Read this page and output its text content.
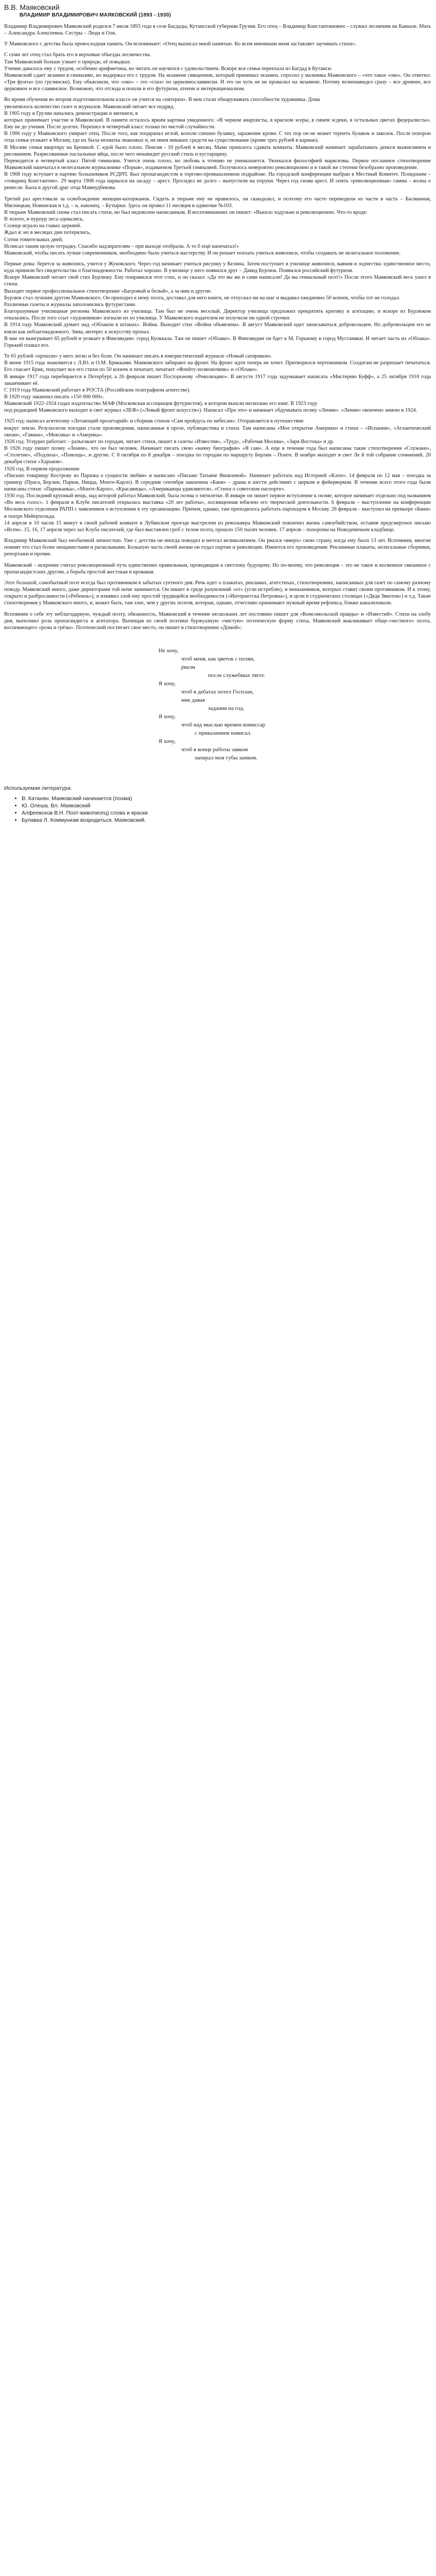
В.В. Маяковский
ВЛАДИМИР ВЛАДИМИРОВИЧ МАЯКОВСКИЙ (1893 - 1930)

Владимир Владимирович Маяковский родился 7 июля 1893 года в селе Багдады, Кутаисской губернии Грузии. Его отец – Владимир Константинович – служил лесничим на Кавказе. Мать – Александра Алексеевна. Сестры – Люда и Оля.

У Маяковского с детства была превосходная память. Он вспоминает: «Отец выписал мной памятью. Ко всем именинам меня заставляет заучивать стихи».

С семи лет отец стал брать его в верховые объезды лесничества.

Там Маяковский больше узнает о природе, её повадках.

Учение давалось ему с трудом, особенно арифметика, но читать он научился с удовольствием. Вскоре вся семья переехала из Багдад в Кутаиси.

Маяковский сдает экзамен в гимназию, но выдержал его с трудом. На экзамене священник, который принимал экзамен, спросил у мальчика Маяковского – «что такое «око». Он ответил: «Три фунта» (по грузински). Ему объяснили, что «око» – это «глаз» по церковнославянски. И это он чуть не не провалил на экзамене. Потому возненавидел сразу – все древнее, все церковное и все славянское. Возможно, что отсюда и пошли и его футуризм, атеизм и интернационализм.

Во время обучения во втором подготовительном классе он учится на «пятерки». В нем стали обнаруживать способности художника. Дома

увеличилось количество газет и журналов. Маяковский читает все подряд.

В 1905 году в Грузии начались демонстрации и митинги, в

которых принимает участие и Маяковский. В памяти осталось ярким картина увиденного: «В черном анархисты, в красном эсеры, в синем эсдеки, в остальных цветах федералисты». Ему не до учения. После долгих. Перешел в четвертый класс только по чистой случайности.

В 1906 году у Маяковского умирает отец. После того, как поцарапал иглой, кололи спешно булавку, заражение крови. С тех пор он не может терпеть булавок и заколок. После похорон отца семья уезжает в Москву, где их была нехватка знакомых и, не имея никаких средств на существование (кроме трех рублей в карман).

В Москве семья квартиру на Бронной. С едой было плохо. Пенсия - 10 рублей в месяц. Маме пришлось сдавать комнаты. Маяковский начинает зарабатывать деньги выжиганием и рисованием. Разрисованные пасхальные яйца, после чего ненавидит русский стиль и кустарщину.

Переводится в четвертый класс Пятой гимназии. Учится очень плохо, но любовь к чтению не уменьшается. Увлекался философией марксизма. Первое посланное стихотворение Маяковский напечатал в нелегальном журнальчике «Порыв», издаваемом Третьей гимназией. Получилось невероятно революционно и в такой же степени безобразно произведение.

В 1908 году вступает в партию большевиков РСДРП. Был пропагандистом в торгово-промышленном подрайоне. На городской конференции выбран в Местный Комитет. Псевдоним – «товарищ Константин». 29 марта 1908 года нарвался на засаду – арест. Просидел не долго – выпустили на поруки. Через год снова арест. И опять «революционная» гамма – волна о ремесле. Была в другой драг отца Маямудбекова.

Третий раз арестовали за освобождение женщин-каторжанок. Сидеть в тюрьме ему не нравилось, он скандалил, и поэтому его часто переводили из части в часть – Басманная, Мясницкая, Новинская и т.д. – и, наконец, – Бутырки. Здесь он провел 11 месяцев в одиночке №103.

В тюрьме Маяковский снова стал писать стихи, но был недоволен написанным. В воспоминаниях он пишет: «Вышло ходульно и революционно. Что-то вроде:

В золото, в пурпур леса одевались,

Солнце играло на главах церквей.

Ждал я: но в месяцах дни потерялись,

Сотни томительных дней.

Исписал таким целую тетрадку. Спасибо надзирателям – при выходе отобрали. А то б ещё напечатал!»

Маяковский, чтобы писать лучше современников, необходимо было учиться мастерству. И он решает поехать учиться живописи, чтобы создавать не нелегальное положение.

Первые дома: берется за живопись, учится у Жуковского. Через год начинает учиться рисунку у Келина. Затем поступает в училище живописи, ваяния и зодчества: единственное место, куда приняли без свидетельства о благонадежности. Работал хорошо. В училище у него появился друг – Давид Бурлюк. Появился российский футуризм.

Вскоре Маяковский читает свой стих Бурлюку. Ему понравился этот стих, и он сказал: «Да это вы же и сами написали! Да вы гениальный поэт!» После этого Маяковский весь ушел в стихи.

Выходит первое профессиональное стихотворение «Багровый и белый», а за ним и другие.

Бурлюк стал лучшим другом Маяковского. Он приходил к нему поэта, доставал для него книги, не отпускал ни на шаг и выдавал ежедневно 50 копеек, чтобы тот не голодал.

Различные газеты и журналы заполонились футуристами.

Благоразумные училищные регионы Маяковского из училища. Там был не очень веселый. Директор училища предложил прекратить критику и агитацию, и вскоре из Бурлюком отказались. После того ссыт «художников» изгнали их из училища. У Маяковского издателем не получили ни одной строчки.

В 1914 году Маяковский думает над «Облаком в штанах». Война. Выходит стих «Война объявлена». В август Маяковский идет записываться добровольцем. Но добровольцем его не взяли как неблагонадежного. Зима, интерес к искусству пропал.

В мае он выигрывает 65 рублей и уезжает в Финляндию. город Куоккала. Там он пишет «Облако». В Финляндии он бдет к М. Горькому в город Мустамяки. И читает часть из «Облака». Горький плакал его.

Те 65 рублей «прошли» у него легко и без боли. Он начинает писать в юмористический журнале «Новый сатирикон».

В июне 1915 года знакомится с Л.Ю. и О.М. Брикками. Маяковского забирают на фронт. На фронт идти теперь не хочет. Притворился чертежником. Солдатам не разрешает печататься. Его спасает Брик, покупает все его стихи по 50 копеек и печатает, печатает «Флейту-позвоночник» и «Облако».

В январе 1917 года перебирается в Петербург, а 26 февраля пишет Посторонову «Революцию». В августе 1917 года задумывает написать «Мистерию Буфф», а 25 октября 1918 года заканчивает её.

С 1919 года Маяковский работает в РОСТА (Российском телеграфном агентстве).

В 1920 году заканчил писать «150 000 000».

Маяковский 1922-1924 годах издательство МАФ (Московская ассоциация футуристов), в котором вышли несколько его книг. В 1923 году

под редакцией Маяковского выходит в свет журнал «ЛЕФ» («Левый фронт искусств»). Написал «Про это» и начинает обдумывать поэму «Ленин». «Ленин» окончено зимою в 1924.

1925 год: написал агитпоэму «Летающий пролетарий» и сборник стихов «Сам пройдусь по небесам». Отправляется в путешествие

вокруг земли. Результатом поездки стали произведения, написанные в прозе, публицистика и стихи. Там написаны «Мое открытие Америки» и стихи – «Испания», «Атлантический океан», «Гавана», «Мексика» и «Америка».

1926 год. Усердно работает – разъезжает по городам, читает стихи, пишет в газеты «Известия», «Труд», «Рабочая Москва», «Заря Востока» и др.

В 1926 году пишет поэму «Ленин», что он был человек. Начинает писать свою «начну биографии» «Я сам». А еще в течение года был написаны такие стихотворения «Служаки», «Столетие», «Подлиза», «Помощь», и другие. С 8 октября по 8 декабря – поездка по городам по маршруту Берлин – Понте. В ноябре выходит в свет Ле й той собрание сочинений. 20 декабря стихи «Харьков».

1926 год. В первом продолжении

«Письмо товарищу Кострову из Парижа о сущности любви» и написано «Письмо Татьяне Яковлевой». Начинает работать над Историей «Клоп». 14 февраля по 12 мая – поездка за границу (Прага, Берлин, Париж, Ницца, Монте-Карло). В середине сентября закончена «Баня» – драма в шести действиях с цирком и фейерверком. В течение всего этого года были написаны стихи: «Парижанка», «Монте-Карло», «Красавицы», «Американцы удивляются», «Стихи о советском паспорте».

1930 год. Последний крупный вещь, над которой работал Маяковский, была поэма о пятилетке. В январе он пишет первое вступление к поэме, которое начинает отдельно под названием «Во весь голос». 1 февраля в Клубе писателей открылась выставка «20 лет работы», посвященная юбилею его творческой деятельности. 6 февраля – выступление на конференции Московского отделения РАПП с заявлением о вступлении в эту организацию. Причем, однако, там приходилось работать пароходом в Москву. 26 февраля – выступил на премьере «Бани» в театре Мейерхольда.

14 апреля в 10 часов 15 минут в своей рабочей комнате в Лубянском проезде выстрелом из револьвера Маяковский покончил жизнь самоубийством, оставив предсмертное письмо «Всем». 15, 16, 17 апреля через зал Клуба писателей, где был выставлен гроб с телом поэта, прошло 150 тысяч человек. 17 апреля – похороны на Новодевичьем кладбище.

Владимир Маяковский был необычной личностью. Уже с детства он иногда поводил и мечтал великолепием. Он рвался «вверх» свою страну, когда ему было 13 лет. Вспомним, многие помнят что стал более мещанистыми и раскольными. Большую часть своей жизни он отдал партии и революции. Имеются его произведения: Рекламные плакаты, нелегальные сборники, репортажи и прочие.

Маяковский – искренне считал революционный путь единственно правильным, проводящим к светлому будущему. Но по-моему, что революция – это не такое и косвенное связанное с пропагандистских другим, а борьба простой жестокая и кровавая.

Этот большой, самобытный поэт всегда был противником в забытых суетного дня. Речь идет о плакатах, рекламах, агитстихах, стихотворениях, написанных для газет по самому разному поводу. Маяковский много, даже директорами той ночи занимается. Он пишет в среде разумлений «от» (угли истреблю), и меньшевиков, которых ставит своим противником. И к этому, открыто и разбросанности («Ребенок»), и изъявил злой ему простой трудящейся необходимости («Интернетска Петровна»), и цели в студенческих столицах («Дядя Звкотов») и т.д. Такие стихотворения у Маяковского много, и, может быть, там злее, чем у других поэтов, которые, однако, отчетливо принимают нужный время рефлекса, ближе канализовали.

Вспомним о себе эту неблагодарную, чуждый поэту, обязанность, Маяковский в течение нескольких лет постоянно пишет для «Комсомольской правды» и «Известий». Стихи на злобу дня, выполнил роль пропагандиста и агитатора. Вычищая из своей поэтики буржуазную «чистую» поэтическую форму стиха, Маяковский выкликивает обще-«честного» поэта, воспевающего «розы и грёзы». Поэтический постигает свое место, он пишет в стихотворении «Домой»:

Не хочу,
чтоб меня, как цветок с полян,
рвали
после служебных тягот.
Я хочу,
чтоб в дебатах потел Госплан,
мне давая
задания на год.
Я хочу,
чтоб над мыслью времен комиссар
с приказанием нависал.
Я хочу,
чтоб в конце работы завком
запирал мои губы замком.
Используемая литература:
• В. Катанян. Маяковский начинается (поэма)
• Ю. Олеша. Вл. Маяковский
• Алфеевсков В.Н. Поэт-живописец) слова и краски
• Булавка Л. Коммунизм возродиться. Маяковский.
